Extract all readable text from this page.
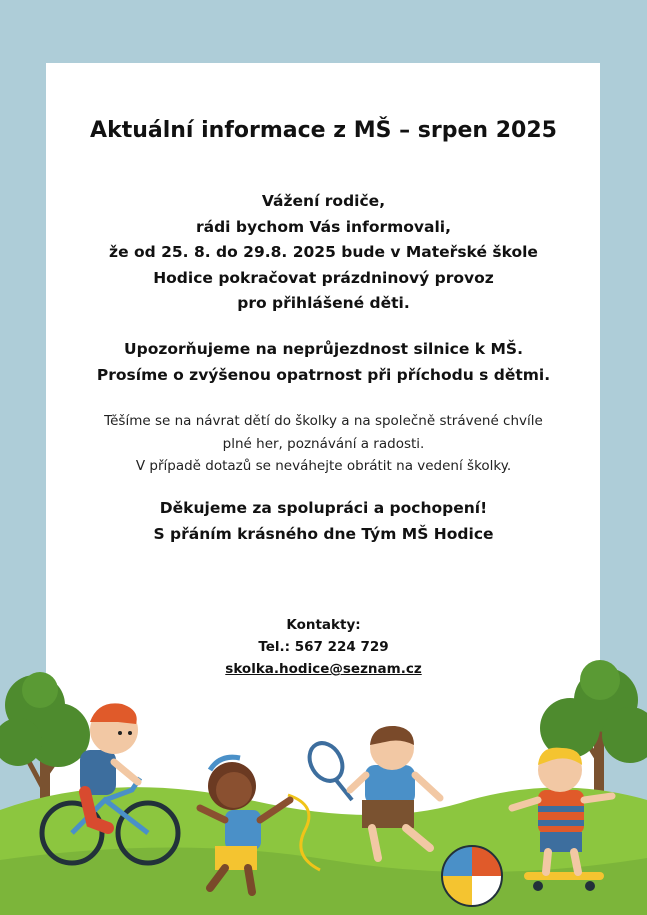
Aktuální informace z MŠ – srpen 2025
Vážení rodiče,
rádi bychom Vás informovali,
že od 25. 8. do 29.8. 2025 bude v Mateřské škole
Hodice pokračovat prázdninový provoz
pro přihlášené děti.
Upozorňujeme na neprůjezdnost silnice k MŠ.
Prosíme o zvýšenou opatrnost při příchodu s dětmi.
Těšíme se na návrat dětí do školky a na společně strávené chvíle
plné her, poznávání a radosti.
V případě dotazů se neváhejte obrátit na vedení školky.
Děkujeme za spolupráci a pochopení!
S přáním krásného dne Tým MŠ Hodice
Kontakty:
Tel.: 567 224 729
skolka.hodice@seznam.cz
